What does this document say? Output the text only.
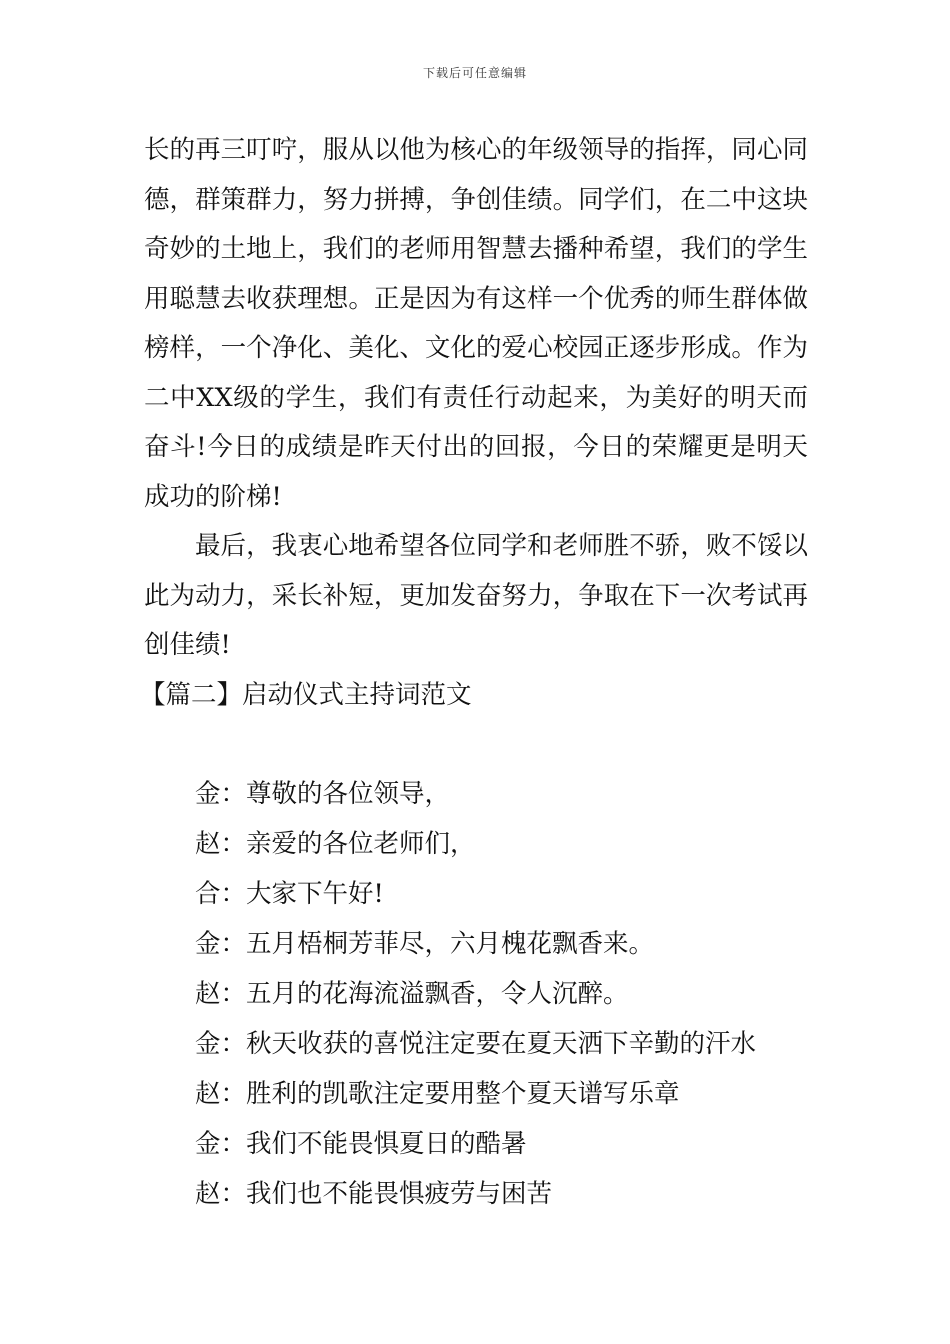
下载后可任意编辑

长的再三叮咛，服从以他为核心的年级领导的指挥，同心同德，群策群力，努力拼搏，争创佳绩。同学们，在二中这块奇妙的土地上，我们的老师用智慧去播种希望，我们的学生用聪慧去收获理想。正是因为有这样一个优秀的师生群体做榜样，一个净化、美化、文化的爱心校园正逐步形成。作为二中XX级的学生，我们有责任行动起来，为美好的明天而奋斗!今日的成绩是昨天付出的回报，今日的荣耀更是明天成功的阶梯!

最后，我衷心地希望各位同学和老师胜不骄，败不馁以此为动力，采长补短，更加发奋努力，争取在下一次考试再创佳绩!

【篇二】启动仪式主持词范文

金：尊敬的各位领导，
赵：亲爱的各位老师们，
合：大家下午好!
金：五月梧桐芳菲尽，六月槐花飘香来。
赵：五月的花海流溢飘香，令人沉醉。
金：秋天收获的喜悦注定要在夏天洒下辛勤的汗水
赵：胜利的凯歌注定要用整个夏天谱写乐章
金：我们不能畏惧夏日的酷暑
赵：我们也不能畏惧疲劳与困苦
